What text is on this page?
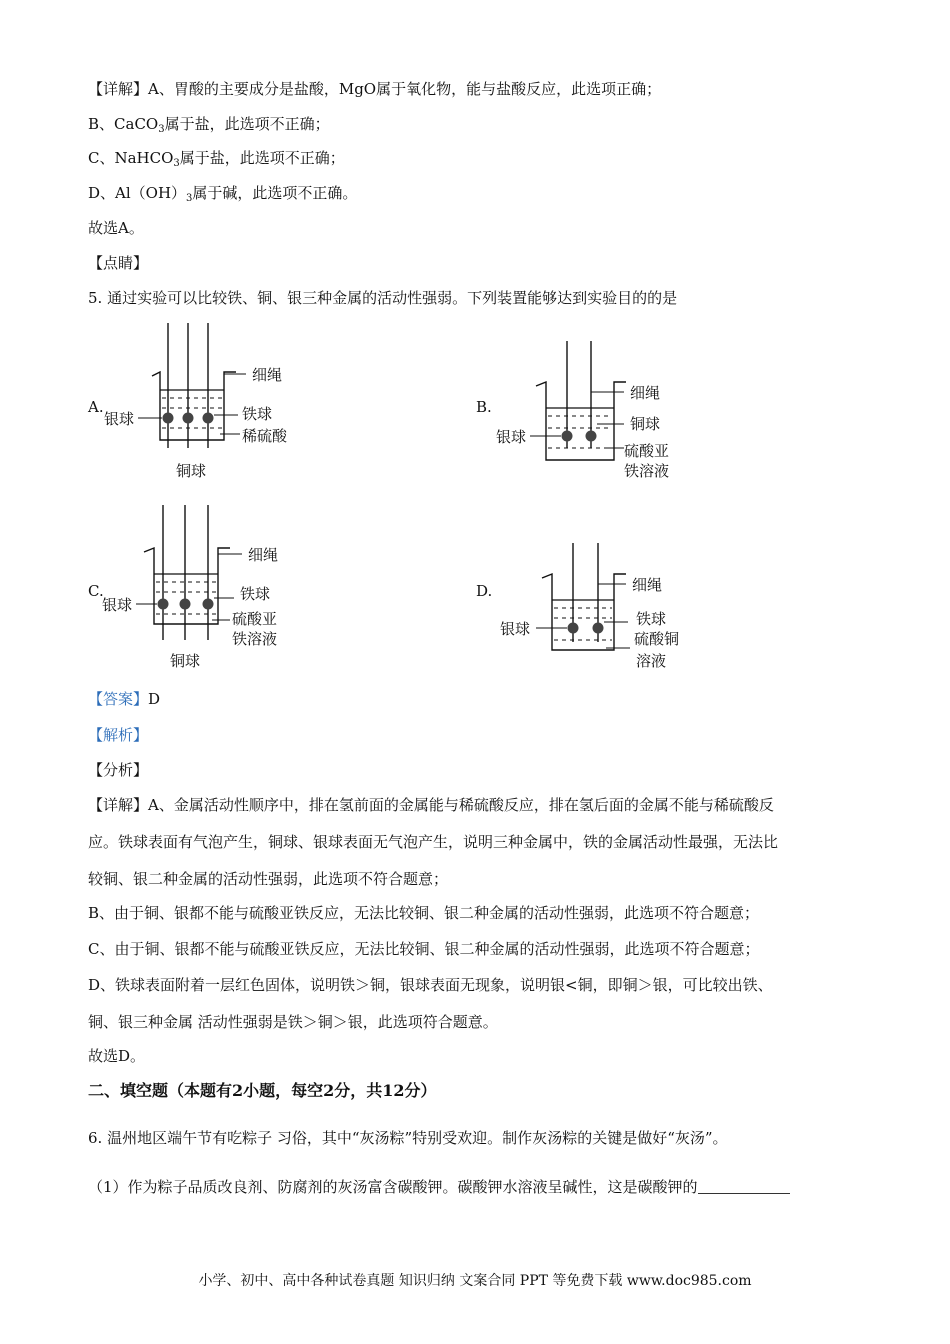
【详解】A、胃酸的主要成分是盐酸，MgO属于氧化物，能与盐酸反应，此选项正确；
B、CaCO$_3$属于盐，此选项不正确；
C、NaHCO$_3$属于盐，此选项不正确；
D、$Al(OH)_3$属于碱，此选项不正确。
故选A。
【点睛】
5. 通过实验可以比较铁、铜、银三种金属的活动性强弱。下列装置能够达到实验目的的是
A.
细绳
银球	铁球
稀硫酸
铜球
B.
细绳
银球
铜球
硫酸亚
铁溶液
C.
细绳
银球
铁球
硫酸亚
铁溶液
铜球
D.	细绳
银球
铁球
硫酸铜
溶液
【答案】D
【解析】
【分析】
【详解】A、金属活动性顺序中，排在氢前面的金属能与稀硫酸反应，排在氢后面的金属不能与稀硫酸反
应。铁球表面有气泡产生，铜球、银球表面无气泡产生，说明三种金属中，铁的金属活动性最强，无法比
较铜、银二种金属的活动性强弱，此选项不符合题意；
B、由于铜、银都不能与硫酸亚铁反应，无法比较铜、银二种金属的活动性强弱，此选项不符合题意；
C、由于铜、银都不能与硫酸亚铁反应，无法比较铜、银二种金属的活动性强弱，此选项不符合题意；
D、铁球表面附着一层红色固体，说明铁＞铜，银球表面无现象，说明银<铜，即铜＞银，可比较出铁、
铜、银三种金属 活动性强弱是铁＞铜＞银，此选项符合题意。
故选D。
二、填空题（本题有2小题，每空2分，共12分）
6. 温州地区端午节有吃粽子 习俗，其中“灰汤粽”特别受欢迎。制作灰汤粽的关键是做好“灰汤”。
（1）作为粽子品质改良剂、防腐剂的灰汤富含碳酸钾。碳酸钾水溶液呈碱性，这是碳酸钾的
小学、初中、高中各种试卷真题 知识归纳 文案合同 PPT 等免费下载 www.doc985.com
